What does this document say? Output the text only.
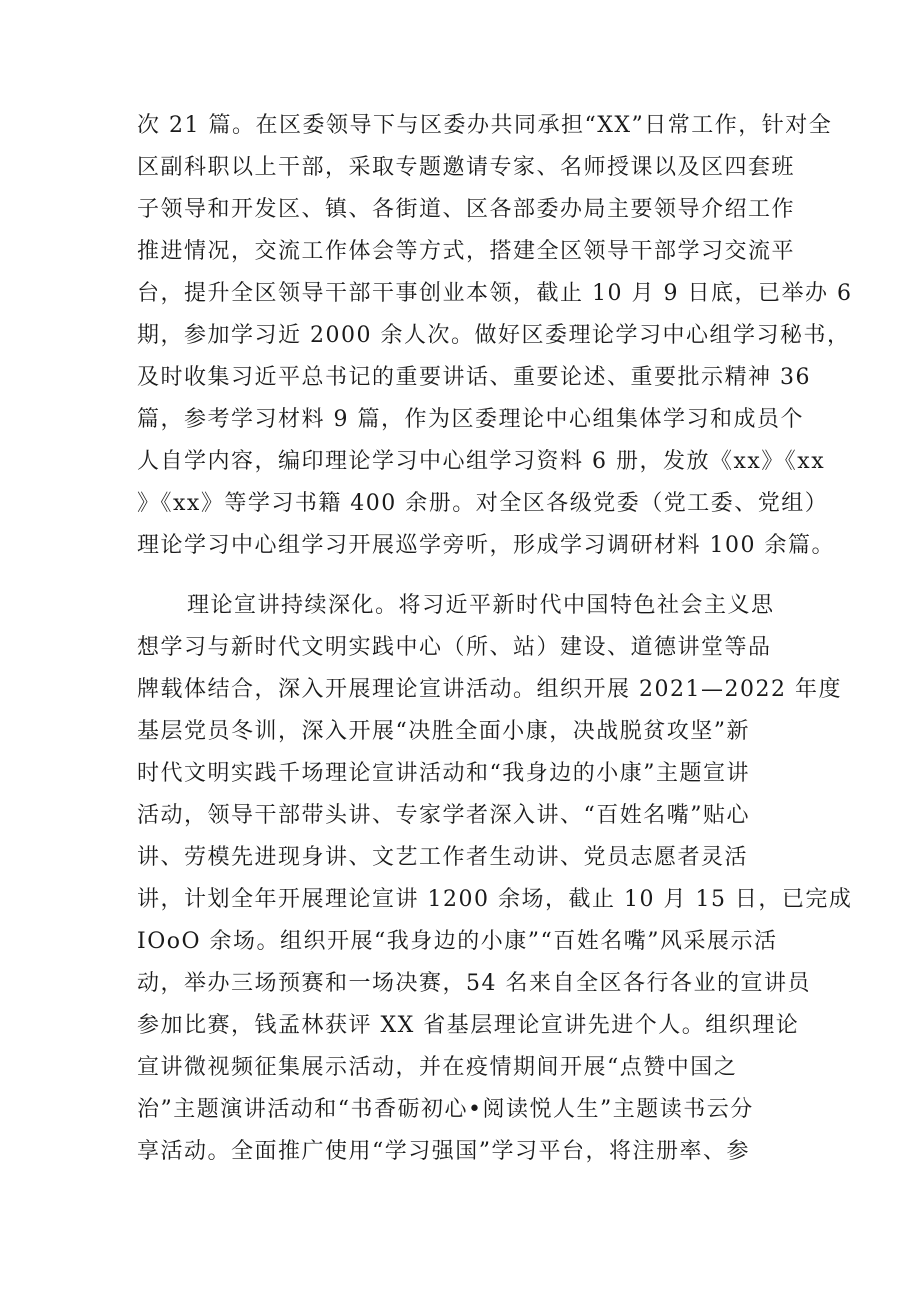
次 21 篇。在区委领导下与区委办共同承担“XX”日常工作，针对全
区副科职以上干部，采取专题邀请专家、名师授课以及区四套班
子领导和开发区、镇、各街道、区各部委办局主要领导介绍工作
推进情况，交流工作体会等方式，搭建全区领导干部学习交流平
台，提升全区领导干部干事创业本领，截止 10 月 9 日底，已举办 6
期，参加学习近 2000 余人次。做好区委理论学习中心组学习秘书，
及时收集习近平总书记的重要讲话、重要论述、重要批示精神 36
篇，参考学习材料 9 篇，作为区委理论中心组集体学习和成员个
人自学内容，编印理论学习中心组学习资料 6 册，发放《xx》《xx
》《xx》等学习书籍 400 余册。对全区各级党委（党工委、党组）
理论学习中心组学习开展巡学旁听，形成学习调研材料 100 余篇。
理论宣讲持续深化。将习近平新时代中国特色社会主义思
想学习与新时代文明实践中心（所、站）建设、道德讲堂等品
牌载体结合，深入开展理论宣讲活动。组织开展 2021—2022 年度
基层党员冬训，深入开展“决胜全面小康，决战脱贫攻坚”新
时代文明实践千场理论宣讲活动和“我身边的小康”主题宣讲
活动，领导干部带头讲、专家学者深入讲、“百姓名嘴”贴心
讲、劳模先进现身讲、文艺工作者生动讲、党员志愿者灵活
讲，计划全年开展理论宣讲 1200 余场，截止 10 月 15 日，已完成
IOoO 余场。组织开展“我身边的小康”“百姓名嘴”风采展示活
动，举办三场预赛和一场决赛，54 名来自全区各行各业的宣讲员
参加比赛，钱孟林获评 XX 省基层理论宣讲先进个人。组织理论
宣讲微视频征集展示活动，并在疫情期间开展“点赞中国之
治”主题演讲活动和“书香砺初心•阅读悦人生”主题读书云分
享活动。全面推广使用“学习强国”学习平台，将注册率、参
